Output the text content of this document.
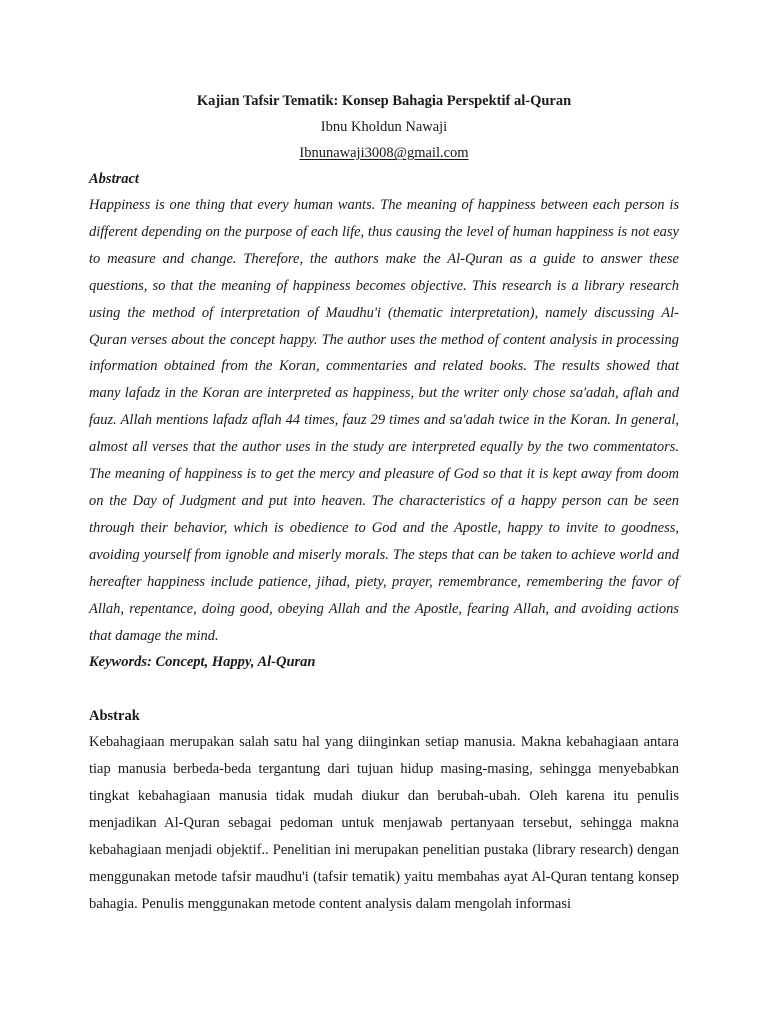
Kajian Tafsir Tematik: Konsep Bahagia Perspektif al-Quran

Ibnu Kholdun Nawaji

Ibnunawaji3008@gmail.com

Abstract

Happiness is one thing that every human wants. The meaning of happiness between each person is different depending on the purpose of each life, thus causing the level of human happiness is not easy to measure and change. Therefore, the authors make the Al-Quran as a guide to answer these questions, so that the meaning of happiness becomes objective. This research is a library research using the method of interpretation of Maudhu'i (thematic interpretation), namely discussing Al-Quran verses about the concept happy. The author uses the method of content analysis in processing information obtained from the Koran, commentaries and related books. The results showed that many lafadz in the Koran are interpreted as happiness, but the writer only chose sa'adah, aflah and fauz. Allah mentions lafadz aflah 44 times, fauz 29 times and sa'adah twice in the Koran. In general, almost all verses that the author uses in the study are interpreted equally by the two commentators. The meaning of happiness is to get the mercy and pleasure of God so that it is kept away from doom on the Day of Judgment and put into heaven. The characteristics of a happy person can be seen through their behavior, which is obedience to God and the Apostle, happy to invite to goodness, avoiding yourself from ignoble and miserly morals. The steps that can be taken to achieve world and hereafter happiness include patience, jihad, piety, prayer, remembrance, remembering the favor of Allah, repentance, doing good, obeying Allah and the Apostle, fearing Allah, and avoiding actions that damage the mind.

Keywords: Concept, Happy, Al-Quran

Abstrak

Kebahagiaan merupakan salah satu hal yang diinginkan setiap manusia. Makna kebahagiaan antara tiap manusia berbeda-beda tergantung dari tujuan hidup masing-masing, sehingga menyebabkan tingkat kebahagiaan manusia tidak mudah diukur dan berubah-ubah. Oleh karena itu penulis menjadikan Al-Quran sebagai pedoman untuk menjawab pertanyaan tersebut, sehingga makna kebahagiaan menjadi objektif.. Penelitian ini merupakan penelitian pustaka (library research) dengan menggunakan metode tafsir maudhu'i (tafsir tematik) yaitu membahas ayat Al-Quran tentang konsep bahagia. Penulis menggunakan metode content analysis dalam mengolah informasi
